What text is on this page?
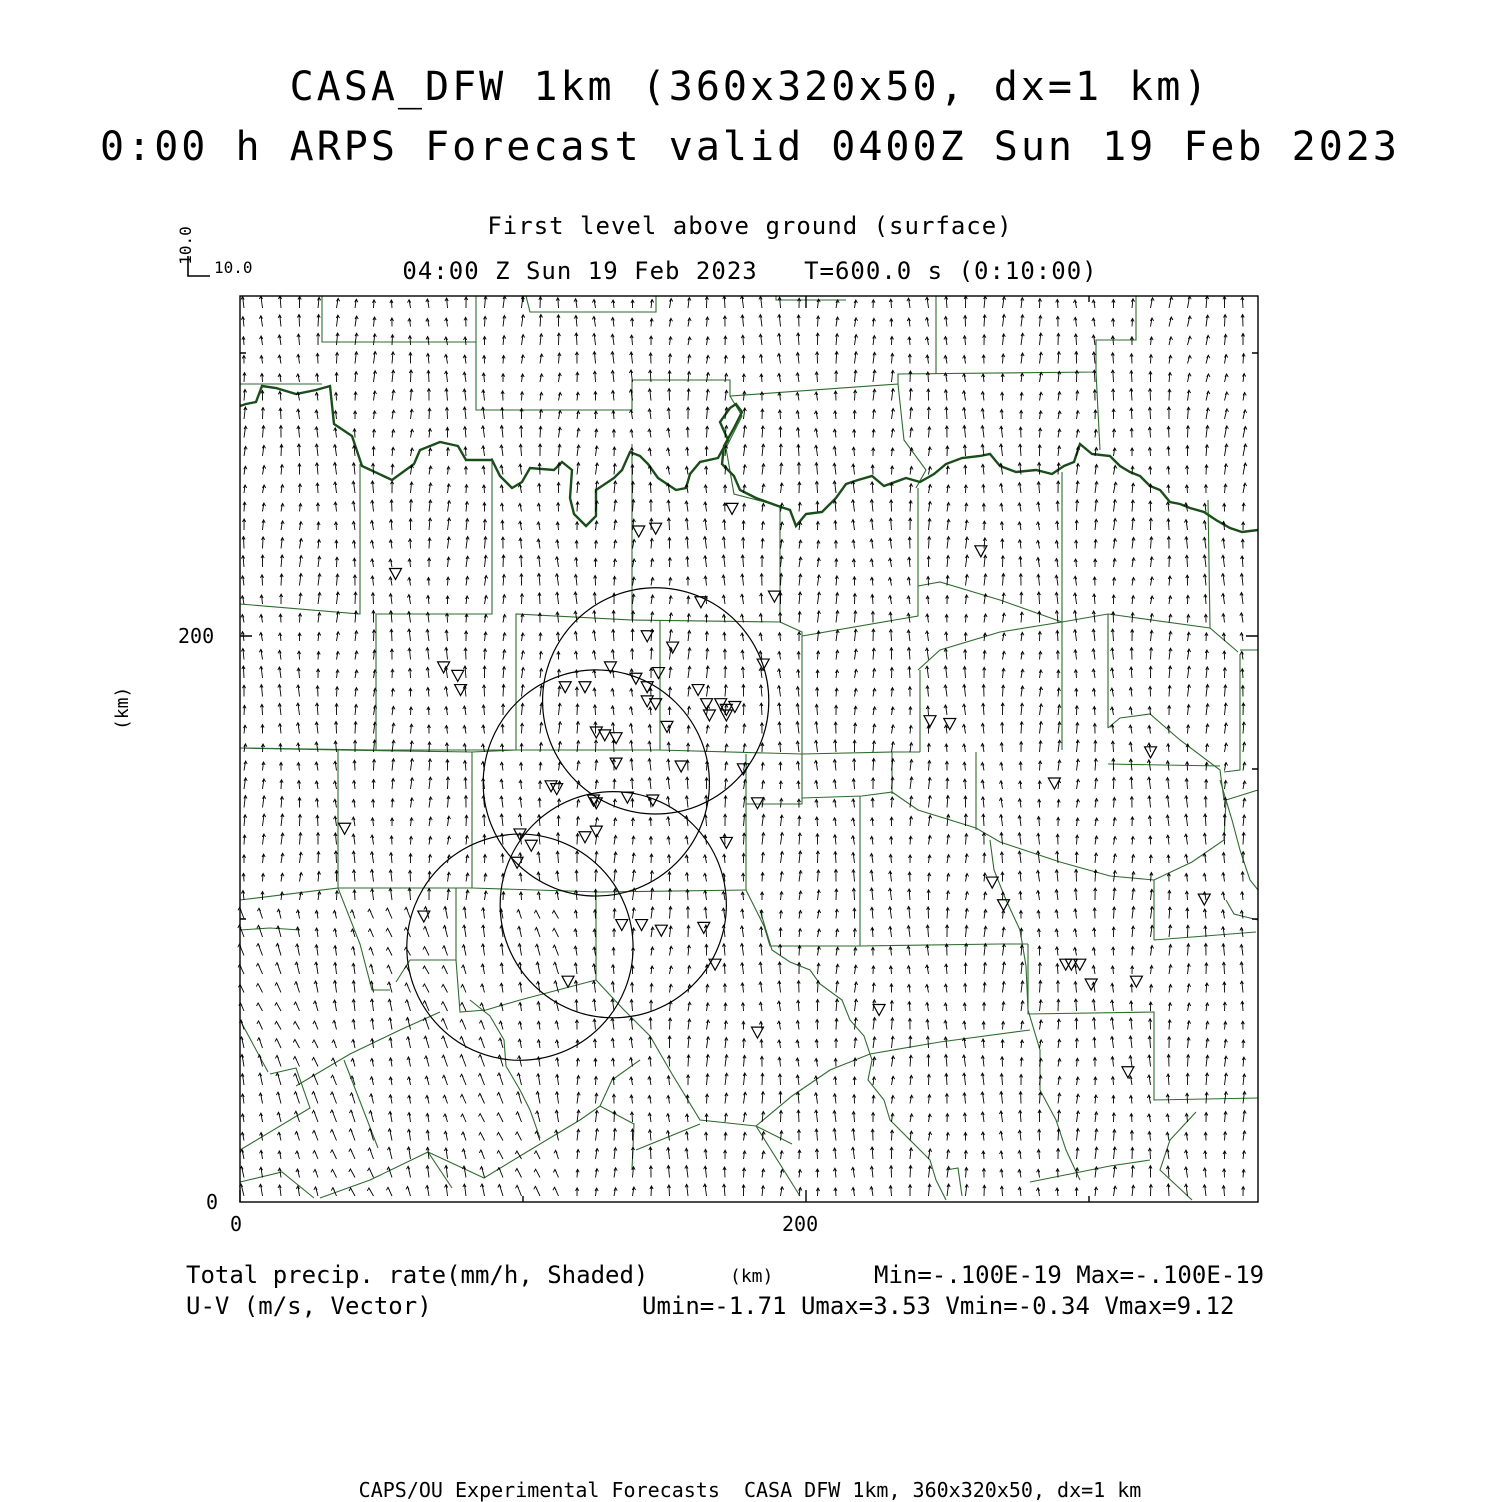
CASA_DFW 1km (360x320x50, dx=1 km)
0:00 h ARPS Forecast valid 0400Z Sun 19 Feb 2023
First level above ground (surface)
04:00 Z Sun 19 Feb 2023   T=600.0 s (0:10:00)
10.0
10.0
(km)
0
200
0	200
(km)
Total precip. rate(mm/h, Shaded)
U-V (m/s, Vector)
Min=-.100E-19 Max=-.100E-19
Umin=-1.71 Umax=3.53 Vmin=-0.34 Vmax=9.12
CAPS/OU Experimental Forecasts  CASA DFW 1km, 360x320x50, dx=1 km
